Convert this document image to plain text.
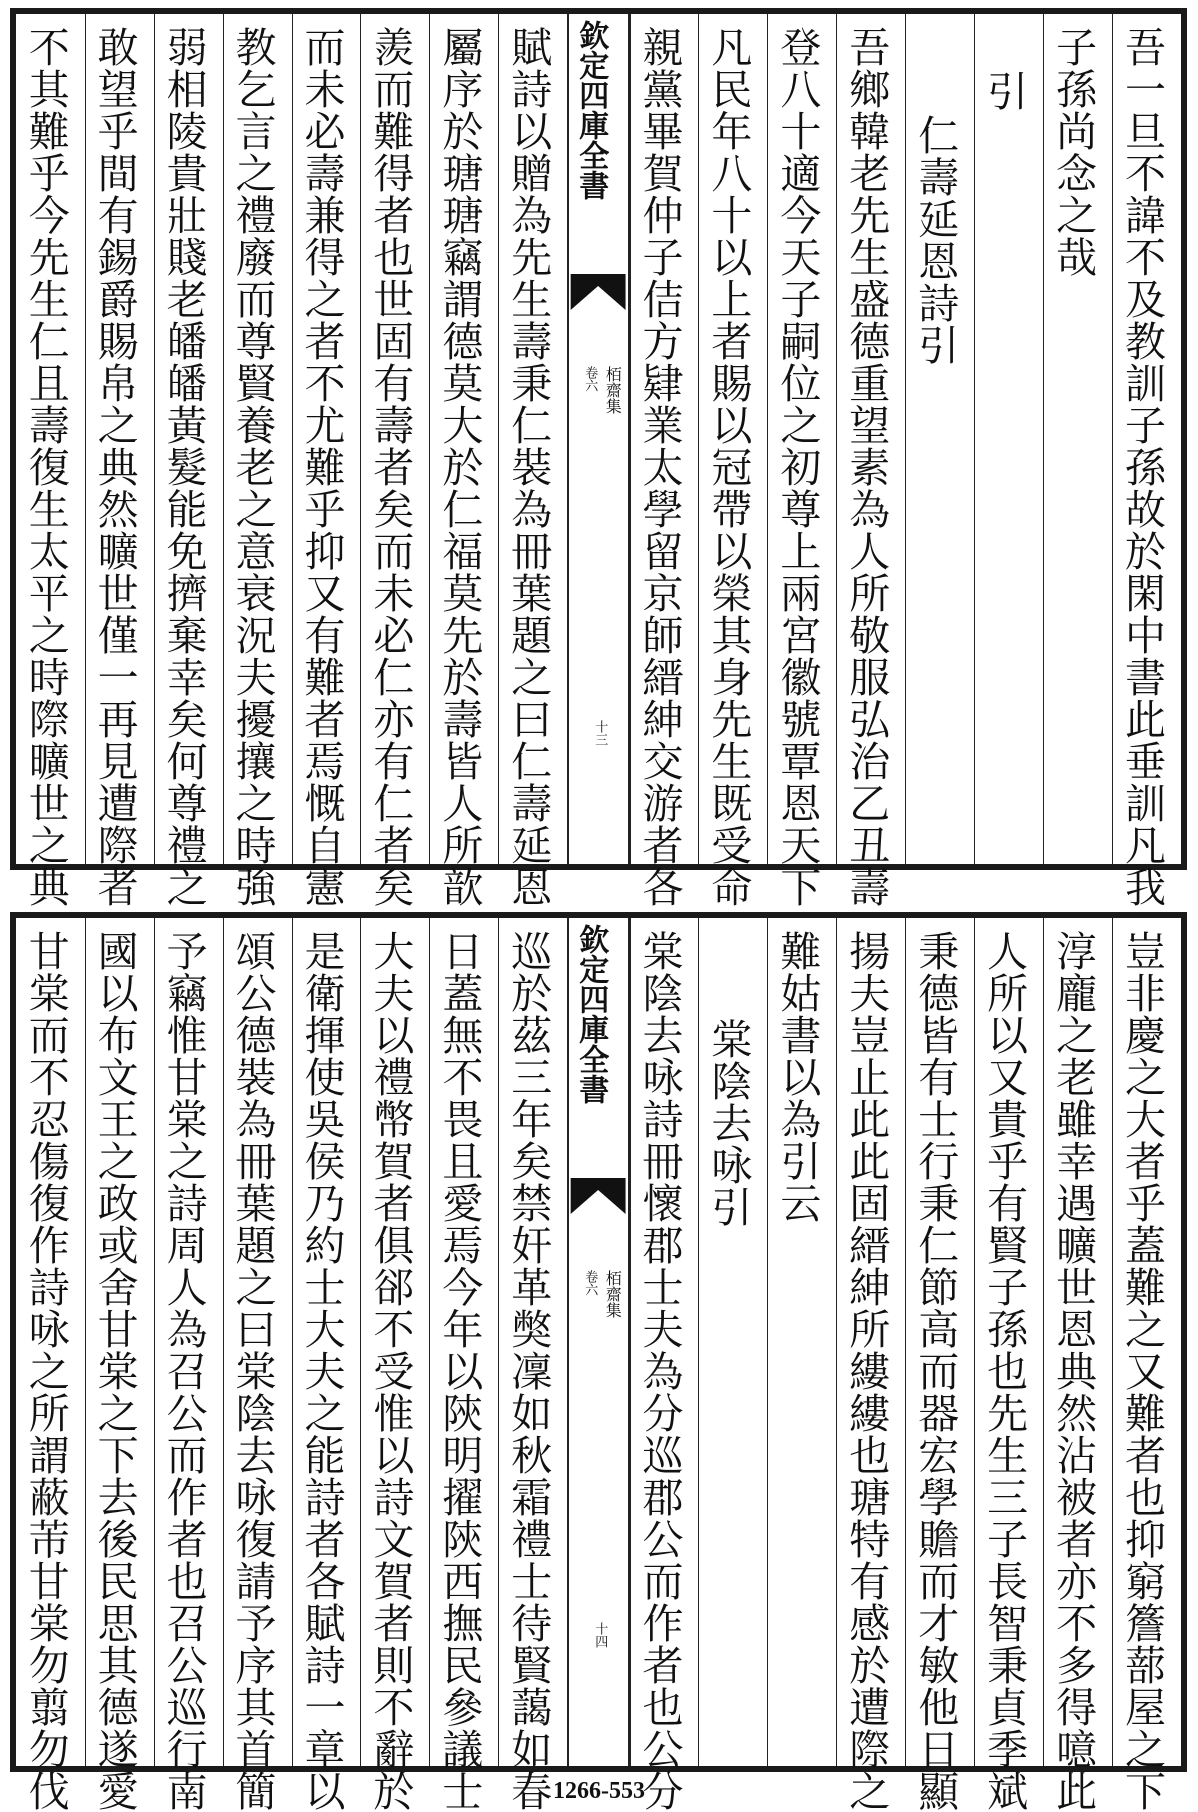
吾一旦不諱不及教訓子孫故於閑中書此垂訓凡我
子孫尚念之哉
引
仁壽延恩詩引
吾鄉韓老先生盛德重望素為人所敬服弘治乙丑壽
登八十適今天子嗣位之初尊上兩宮徽號覃恩天下
凡民年八十以上者賜以冠帶以榮其身先生既受命
親黨畢賀仲子佶方肄業太學留京師縉紳交游者各
欽定四庫全書
栢齋集
卷六
十三
賦詩以贈為先生壽秉仁裝為冊葉題之曰仁壽延恩
屬序於瑭瑭竊謂德莫大於仁福莫先於壽皆人所歆
羨而難得者也世固有壽者矣而未必仁亦有仁者矣
而未必壽兼得之者不尤難乎抑又有難者焉慨自憲
教乞言之禮廢而尊賢養老之意衰況夫擾攘之時強
弱相陵貴壯賤老皤皤黃髮能免擠棄幸矣何尊禮之
敢望乎間有錫爵賜帛之典然曠世僅一再見遭際者
不其難乎今先生仁且壽復生太平之時際曠世之典
豈非慶之大者乎蓋難之又難者也抑窮簷蔀屋之下
淳龐之老雖幸遇曠世恩典然沾被者亦不多得噫此
人所以又貴乎有賢子孫也先生三子長智秉貞季斌
秉德皆有士行秉仁節高而器宏學贍而才敏他日顯
揚夫豈止此此固縉紳所縷縷也瑭特有感於遭際之
難姑書以為引云
棠陰去咏引
棠陰去咏詩冊懷郡士夫為分巡郡公而作者也公分
欽定四庫全書
栢齋集
卷六
十四
巡於茲三年矣禁奸革獘凜如秋霜禮士待賢藹如春
日蓋無不畏且愛焉今年以陝明擢陝西撫民參議士
大夫以禮幣賀者俱郤不受惟以詩文賀者則不辭於
是衛揮使吳侯乃約士大夫之能詩者各賦詩一章以
頌公德裝為冊葉題之曰棠陰去咏復請予序其首簡
予竊惟甘棠之詩周人為召公而作者也召公巡行南
國以布文王之政或舍甘棠之下去後民思其德遂愛
甘棠而不忍傷復作詩咏之所謂蔽芾甘棠勿翦勿伐	1266-553
